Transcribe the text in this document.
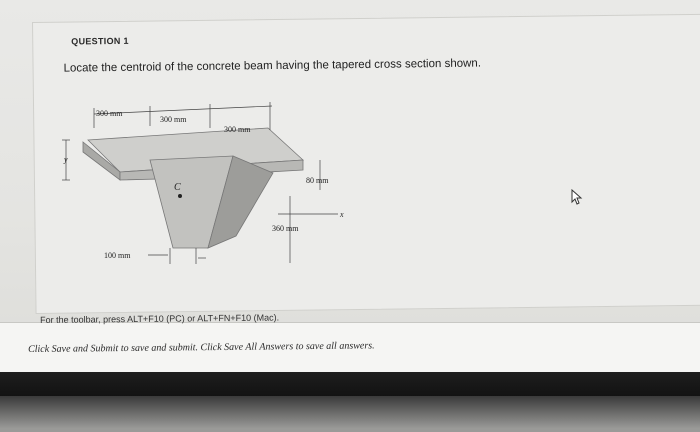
QUESTION 1
Locate the centroid of the concrete beam having the tapered cross section shown.
C
300 mm
300 mm
300 mm
y
80 mm
x
360 mm
100 mm
For the toolbar, press ALT+F10 (PC) or ALT+FN+F10 (Mac).
Click Save and Submit to save and submit. Click Save All Answers to save all answers.
